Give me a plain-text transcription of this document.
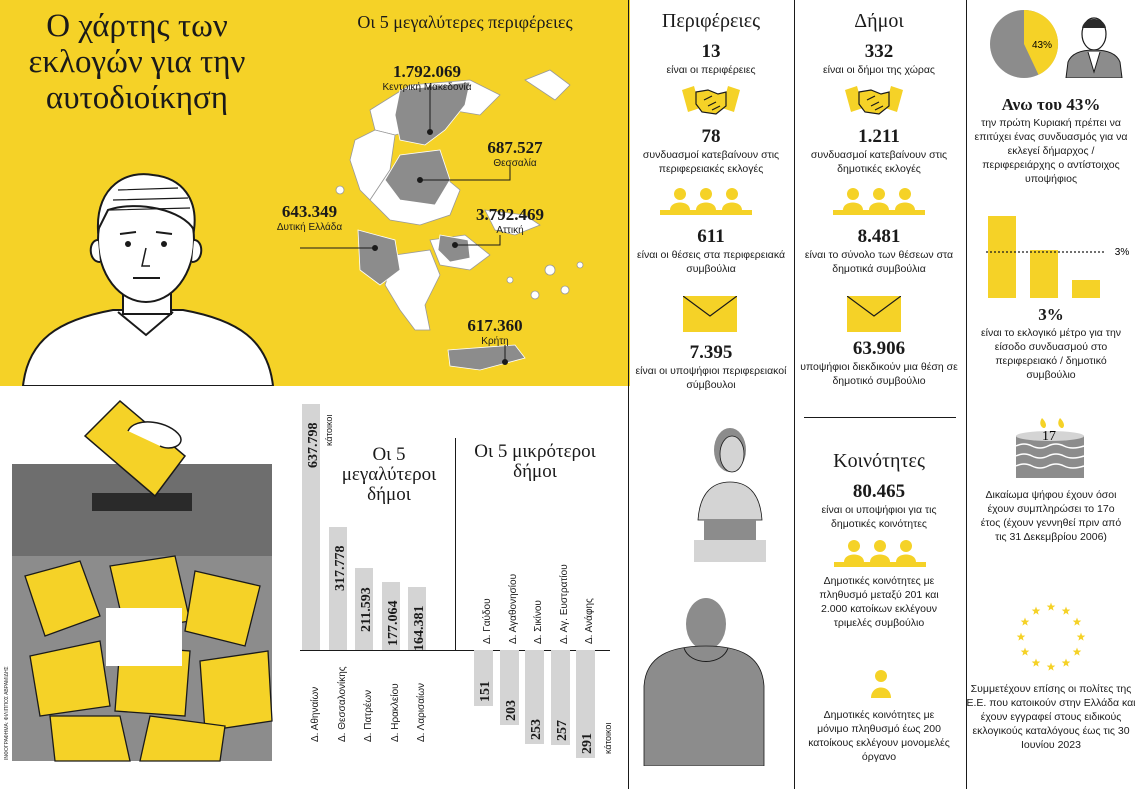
Ο χάρτης των εκλογών για την αυτοδιοίκηση
Οι 5 μεγαλύτερες περιφέρειες
1.792.069
Κεντρική Μακεδονία
687.527
Θεσσαλία
643.349
Δυτική Ελλάδα
3.792.469
Αττική
617.360
Κρήτη
ΙΝΦΟΓΡΑΦΗΜΑ: ΦΙΛΙΠΠΟΣ ΑΒΡΑΜΙΔΗΣ
Οι 5 μεγαλύτεροι δήμοι
Οι 5 μικρότεροι δήμοι
637.798
Δ. Αθηναίων
317.778
Δ. Θεσσαλονίκης
211.593
Δ. Πατρέων
177.064
Δ. Ηρακλείου
164.381
Δ. Λαρισαίων
κάτοικοι
151
Δ. Γαύδου
203
Δ. Αγαθονησίου
253
Δ. Σικίνου
257
Δ. Αγ. Ευστρατίου
291
Δ. Ανάφης
κάτοικοι
Περιφέρειες
13
είναι οι περιφέρειες
78
συνδυασμοί κατεβαίνουν στις περιφερειακές εκλογές
611
είναι οι θέσεις στα περιφερειακά συμβούλια
7.395
είναι οι υποψήφιοι περιφερειακοί σύμβουλοι
Δήμοι
332
είναι οι δήμοι της χώρας
1.211
συνδυασμοί κατεβαίνουν στις δημοτικές εκλογές
8.481
είναι το σύνολο των θέσεων στα δημοτικά συμβούλια
63.906
υποψήφιοι διεκδικούν μια θέση σε δημοτικό συμβούλιο
Κοινότητες
80.465
είναι οι υποψήφιοι για τις δημοτικές κοινότητες
Δημοτικές κοινότητες με πληθυσμό μεταξύ 201 και 2.000 κατοίκων εκλέγουν τριμελές συμβούλιο
Δημοτικές κοινότητες με μόνιμο πληθυσμό έως 200 κατοίκους εκλέγουν μονομελές όργανο
43%
Ανω του 43%
την πρώτη Κυριακή πρέπει να επιτύχει ένας συνδυασμός για να εκλεγεί δήμαρχος / περιφερειάρχης ο αντίστοιχος υποψήφιος
3%
3%
είναι το εκλογικό μέτρο για την είσοδο συνδυασμού στο περιφερειακό / δημοτικό συμβούλιο
17
Δικαίωμα ψήφου έχουν όσοι έχουν συμπληρώσει το 17ο έτος (έχουν γεννηθεί πριν από τις 31 Δεκεμβρίου 2006)
Συμμετέχουν επίσης οι πολίτες της Ε.Ε. που κατοικούν στην Ελλάδα και έχουν εγγραφεί στους ειδικούς εκλογικούς καταλόγους έως τις 30 Ιουνίου 2023
